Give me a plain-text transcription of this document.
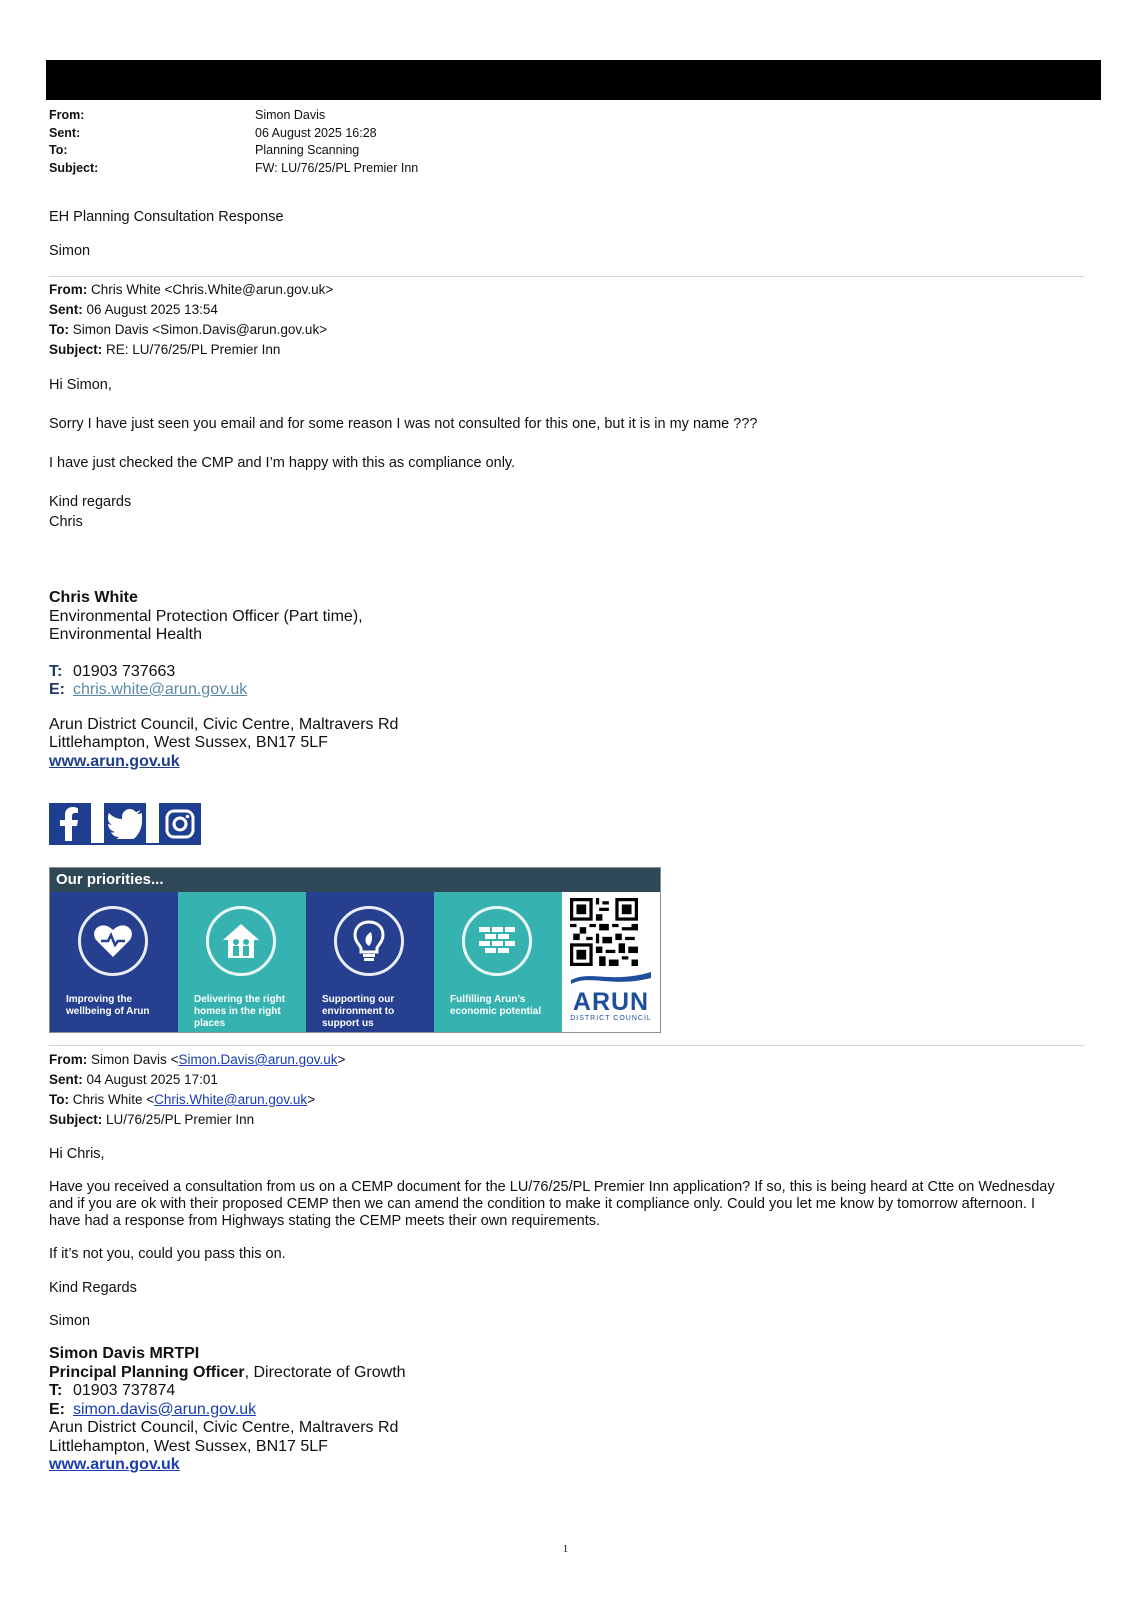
From:	Simon Davis
Sent:	06 August 2025 16:28
To:	Planning Scanning
Subject:	FW: LU/76/25/PL Premier Inn
EH Planning Consultation Response
Simon
From: Chris White <Chris.White@arun.gov.uk>
Sent: 06 August 2025 13:54
To: Simon Davis <Simon.Davis@arun.gov.uk>
Subject: RE: LU/76/25/PL Premier Inn
Hi Simon,
Sorry I have just seen you email and for some reason I was not consulted for this one, but it is in my name ???
I have just checked the CMP and I’m happy with this as compliance only.
Kind regards
Chris
Chris White
Environmental Protection Officer (Part time),
Environmental Health
T: 01903 737663
E: chris.white@arun.gov.uk
Arun District Council, Civic Centre, Maltravers Rd
Littlehampton, West Sussex, BN17 5LF
www.arun.gov.uk
Our priorities...
Improving the wellbeing of Arun
Delivering the right homes in the right places
Supporting our environment to support us
Fulfilling Arun’s economic potential	ARUN
DISTRICT COUNCIL
From: Simon Davis <Simon.Davis@arun.gov.uk>
Sent: 04 August 2025 17:01
To: Chris White <Chris.White@arun.gov.uk>
Subject: LU/76/25/PL Premier Inn
Hi Chris,
Have you received a consultation from us on a CEMP document for the LU/76/25/PL Premier Inn application? If so, this is being heard at Ctte on Wednesday
and if you are ok with their proposed CEMP then we can amend the condition to make it compliance only. Could you let me know by tomorrow afternoon. I
have had a response from Highways stating the CEMP meets their own requirements.
If it’s not you, could you pass this on.
Kind Regards
Simon
Simon Davis MRTPI
Principal Planning Officer, Directorate of Growth
T: 01903 737874
E: simon.davis@arun.gov.uk
Arun District Council, Civic Centre, Maltravers Rd
Littlehampton, West Sussex, BN17 5LF
www.arun.gov.uk
1
